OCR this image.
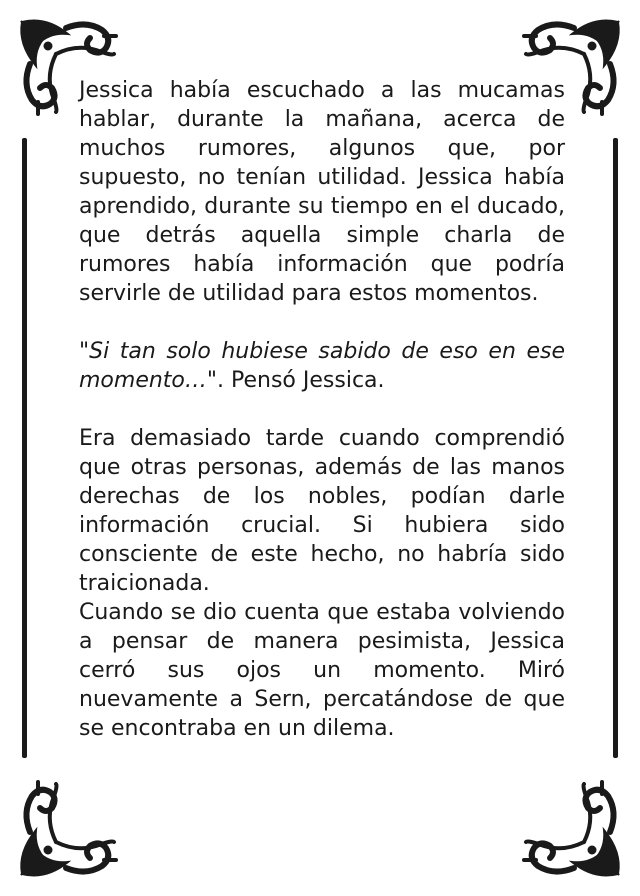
Jessica había escuchado a las mucamas hablar, durante la mañana, acerca de muchos rumores, algunos que, por supuesto, no tenían utilidad. Jessica había aprendido, durante su tiempo en el ducado, que detrás aquella simple charla de rumores había información que podría servirle de utilidad para estos momentos.

"Si tan solo hubiese sabido de eso en ese momento…". Pensó Jessica.

Era demasiado tarde cuando comprendió que otras personas, además de las manos derechas de los nobles, podían darle información crucial. Si hubiera sido consciente de este hecho, no habría sido traicionada.

Cuando se dio cuenta que estaba volviendo a pensar de manera pesimista, Jessica cerró sus ojos un momento. Miró nuevamente a Sern, percatándose de que se encontraba en un dilema.
